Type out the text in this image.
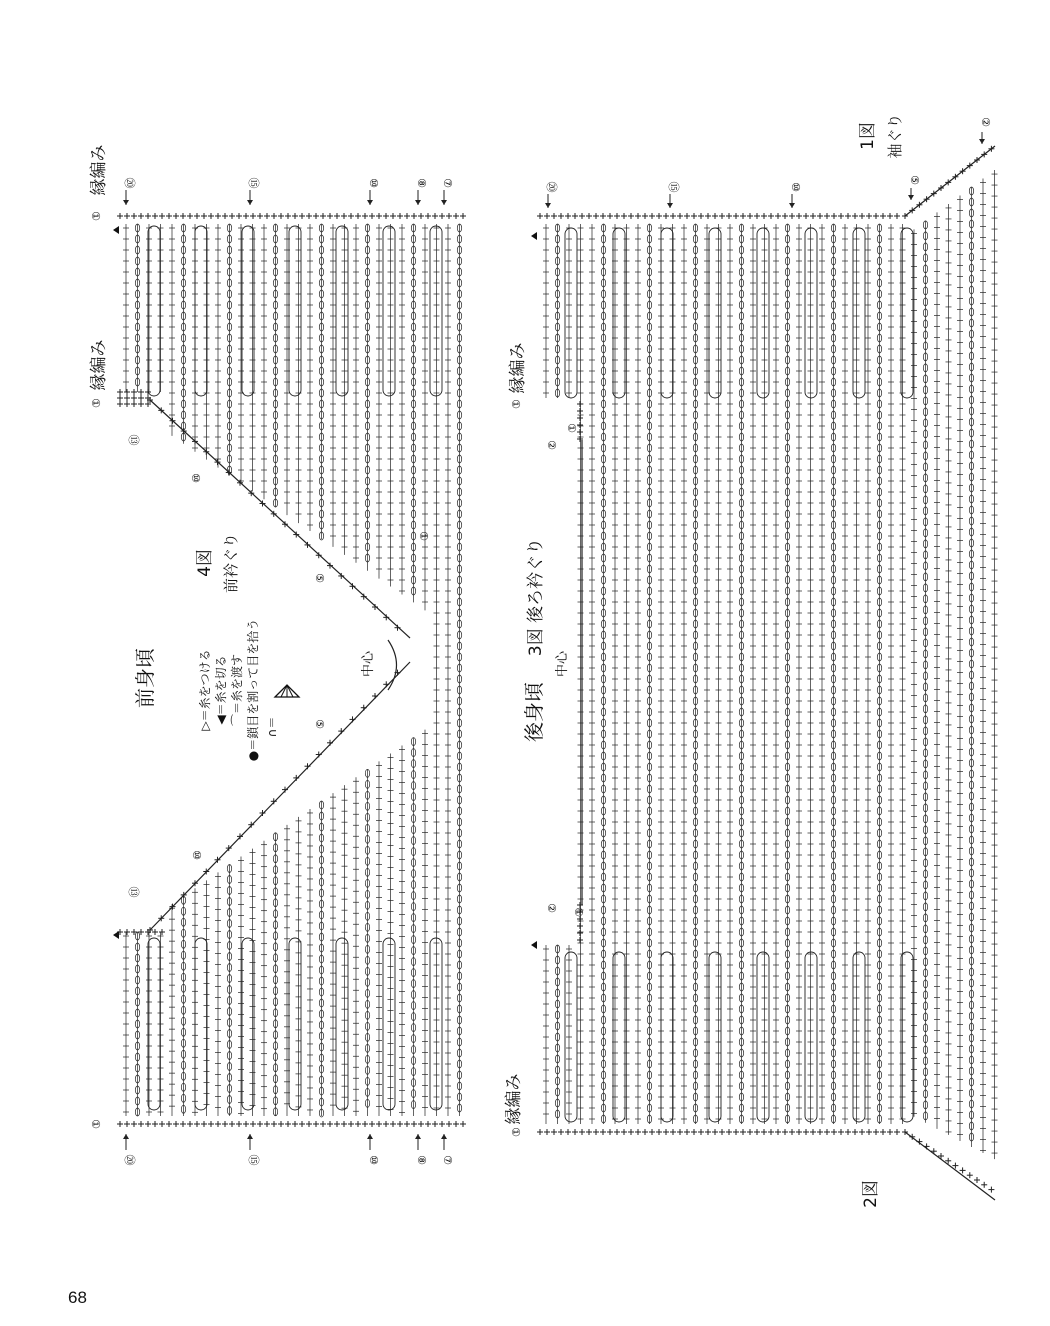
⑳	⑮	⑩	⑧ ⑦
⑳	⑮	⑩	⑧ ⑦
⑬
⑩
⑤
①
⑤
⑩
⑬
①
①
①
⑳	⑮	⑩
⑤
②
①
②
①
② ①
①
前身頃
4図 前衿ぐり
中心
縁編み
縁編み
▷＝糸をつける ◀＝糸を切る ⌒＝糸を渡す ●＝鎖目を割って目を拾う ∩＝	後身頃
3図 後ろ衿ぐり
中心
1図 袖ぐり
2図
縁編み
縁編み
68
